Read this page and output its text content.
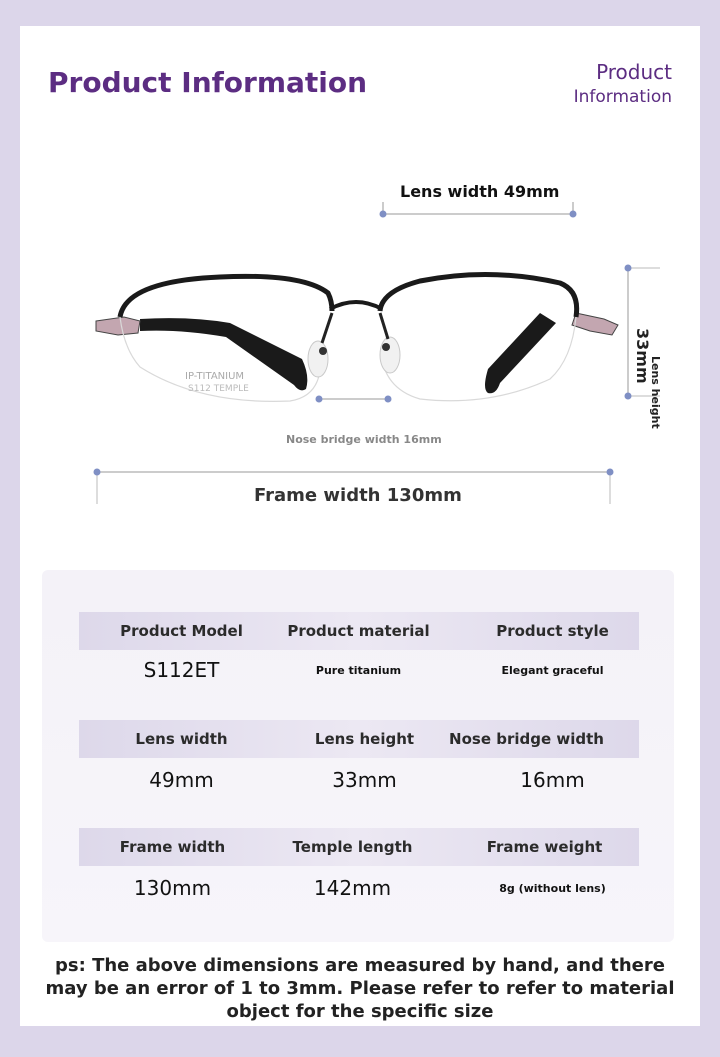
Product Information	Product
Information
IP-TITANIUM
S112 TEMPLE
Lens width 49mm
Lens height
33mm
Nose bridge width 16mm
Frame width 130mm
Product Model	Product material	Product style
S112ET	Pure titanium	Elegant graceful
Lens width	Lens height	Nose bridge width
49mm	33mm	16mm
Frame width	Temple length	Frame weight
130mm	142mm	8g (without lens)
ps: The above dimensions are measured by hand, and there may be an error of 1 to 3mm. Please refer to refer to material object for the specific size
